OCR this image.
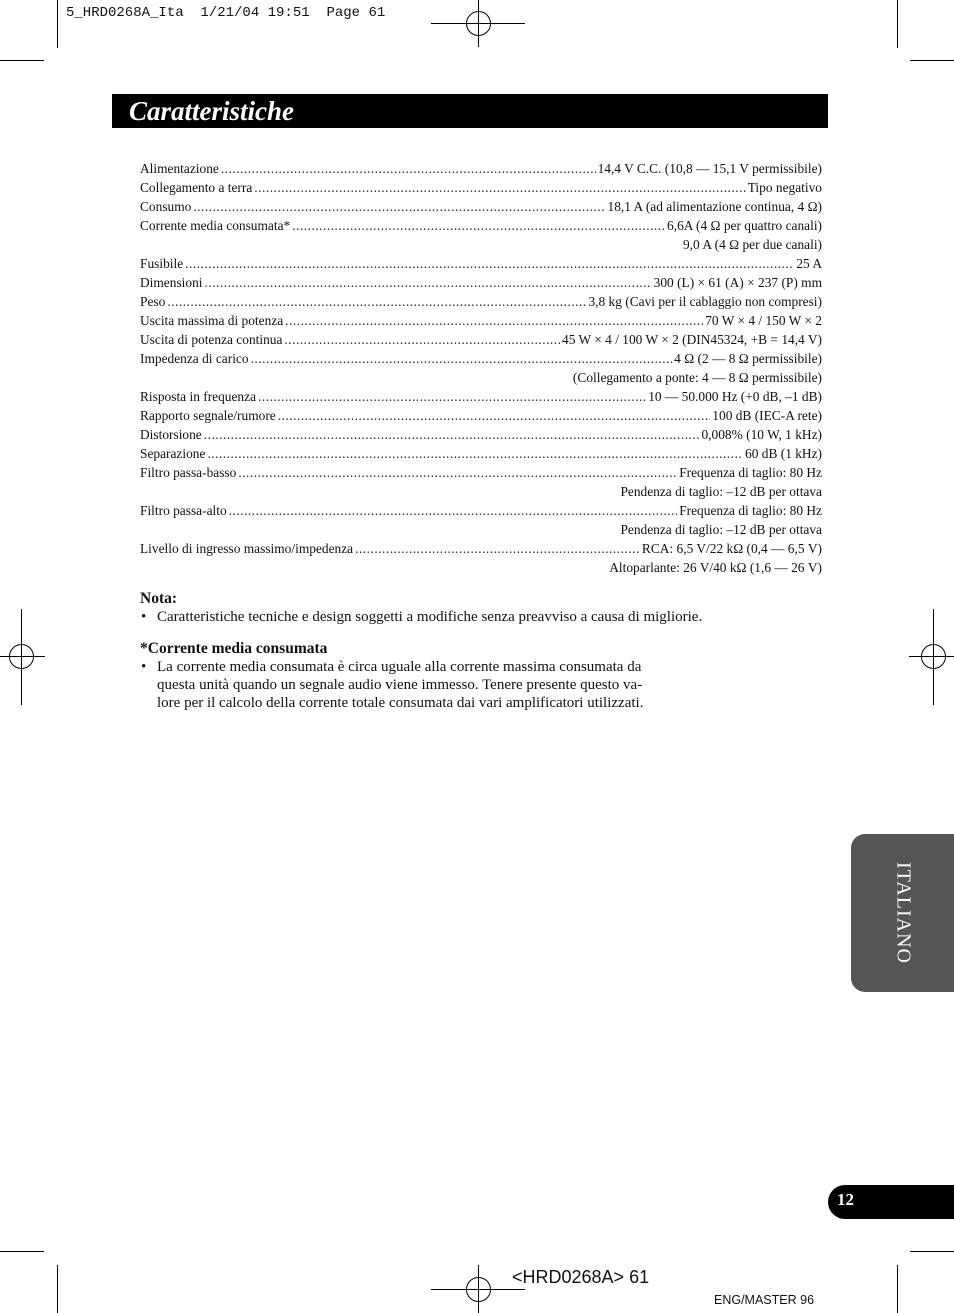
5_HRD0268A_Ita  1/21/04 19:51  Page 61
Caratteristiche
Alimentazione .....	14,4 V C.C. (10,8 — 15,1 V permissibile)
Collegamento a terra .....	Tipo negativo
Consumo .....	18,1 A (ad alimentazione continua, 4 Ω)
Corrente media consumata* .....	6,6A (4 Ω per quattro canali)
9,0 A (4 Ω per due canali)
Fusibile .....	25 A
Dimensioni .....	300 (L) × 61 (A) × 237 (P) mm
Peso .....	3,8 kg (Cavi per il cablaggio non compresi)
Uscita massima di potenza .....	70 W × 4 / 150 W × 2
Uscita di potenza continua .....	45 W × 4 / 100 W × 2 (DIN45324, +B = 14,4 V)
Impedenza di carico .....	4 Ω (2 — 8 Ω permissibile)
(Collegamento a ponte: 4 — 8 Ω permissibile)
Risposta in frequenza .....	10 — 50.000 Hz (+0 dB, –1 dB)
Rapporto segnale/rumore .....	100 dB (IEC-A rete)
Distorsione .....	0,008% (10 W, 1 kHz)
Separazione .....	60 dB (1 kHz)
Filtro passa-basso .....	Frequenza di taglio: 80 Hz
Pendenza di taglio: –12 dB per ottava
Filtro passa-alto .....	Frequenza di taglio: 80 Hz
Pendenza di taglio: –12 dB per ottava
Livello di ingresso massimo/impedenza .....	RCA: 6,5 V/22 kΩ (0,4 — 6,5 V)
Altoparlante: 26 V/40 kΩ (1,6 — 26 V)
Nota:
• Caratteristiche tecniche e design soggetti a modifiche senza preavviso a causa di migliorie.
*Corrente media consumata
• La corrente media consumata è circa uguale alla corrente massima consumata da
questa unità quando un segnale audio viene immesso. Tenere presente questo va-
lore per il calcolo della corrente totale consumata dai vari amplificatori utilizzati.
ITALIANO
12
<HRD0268A> 61
ENG/MASTER 96
